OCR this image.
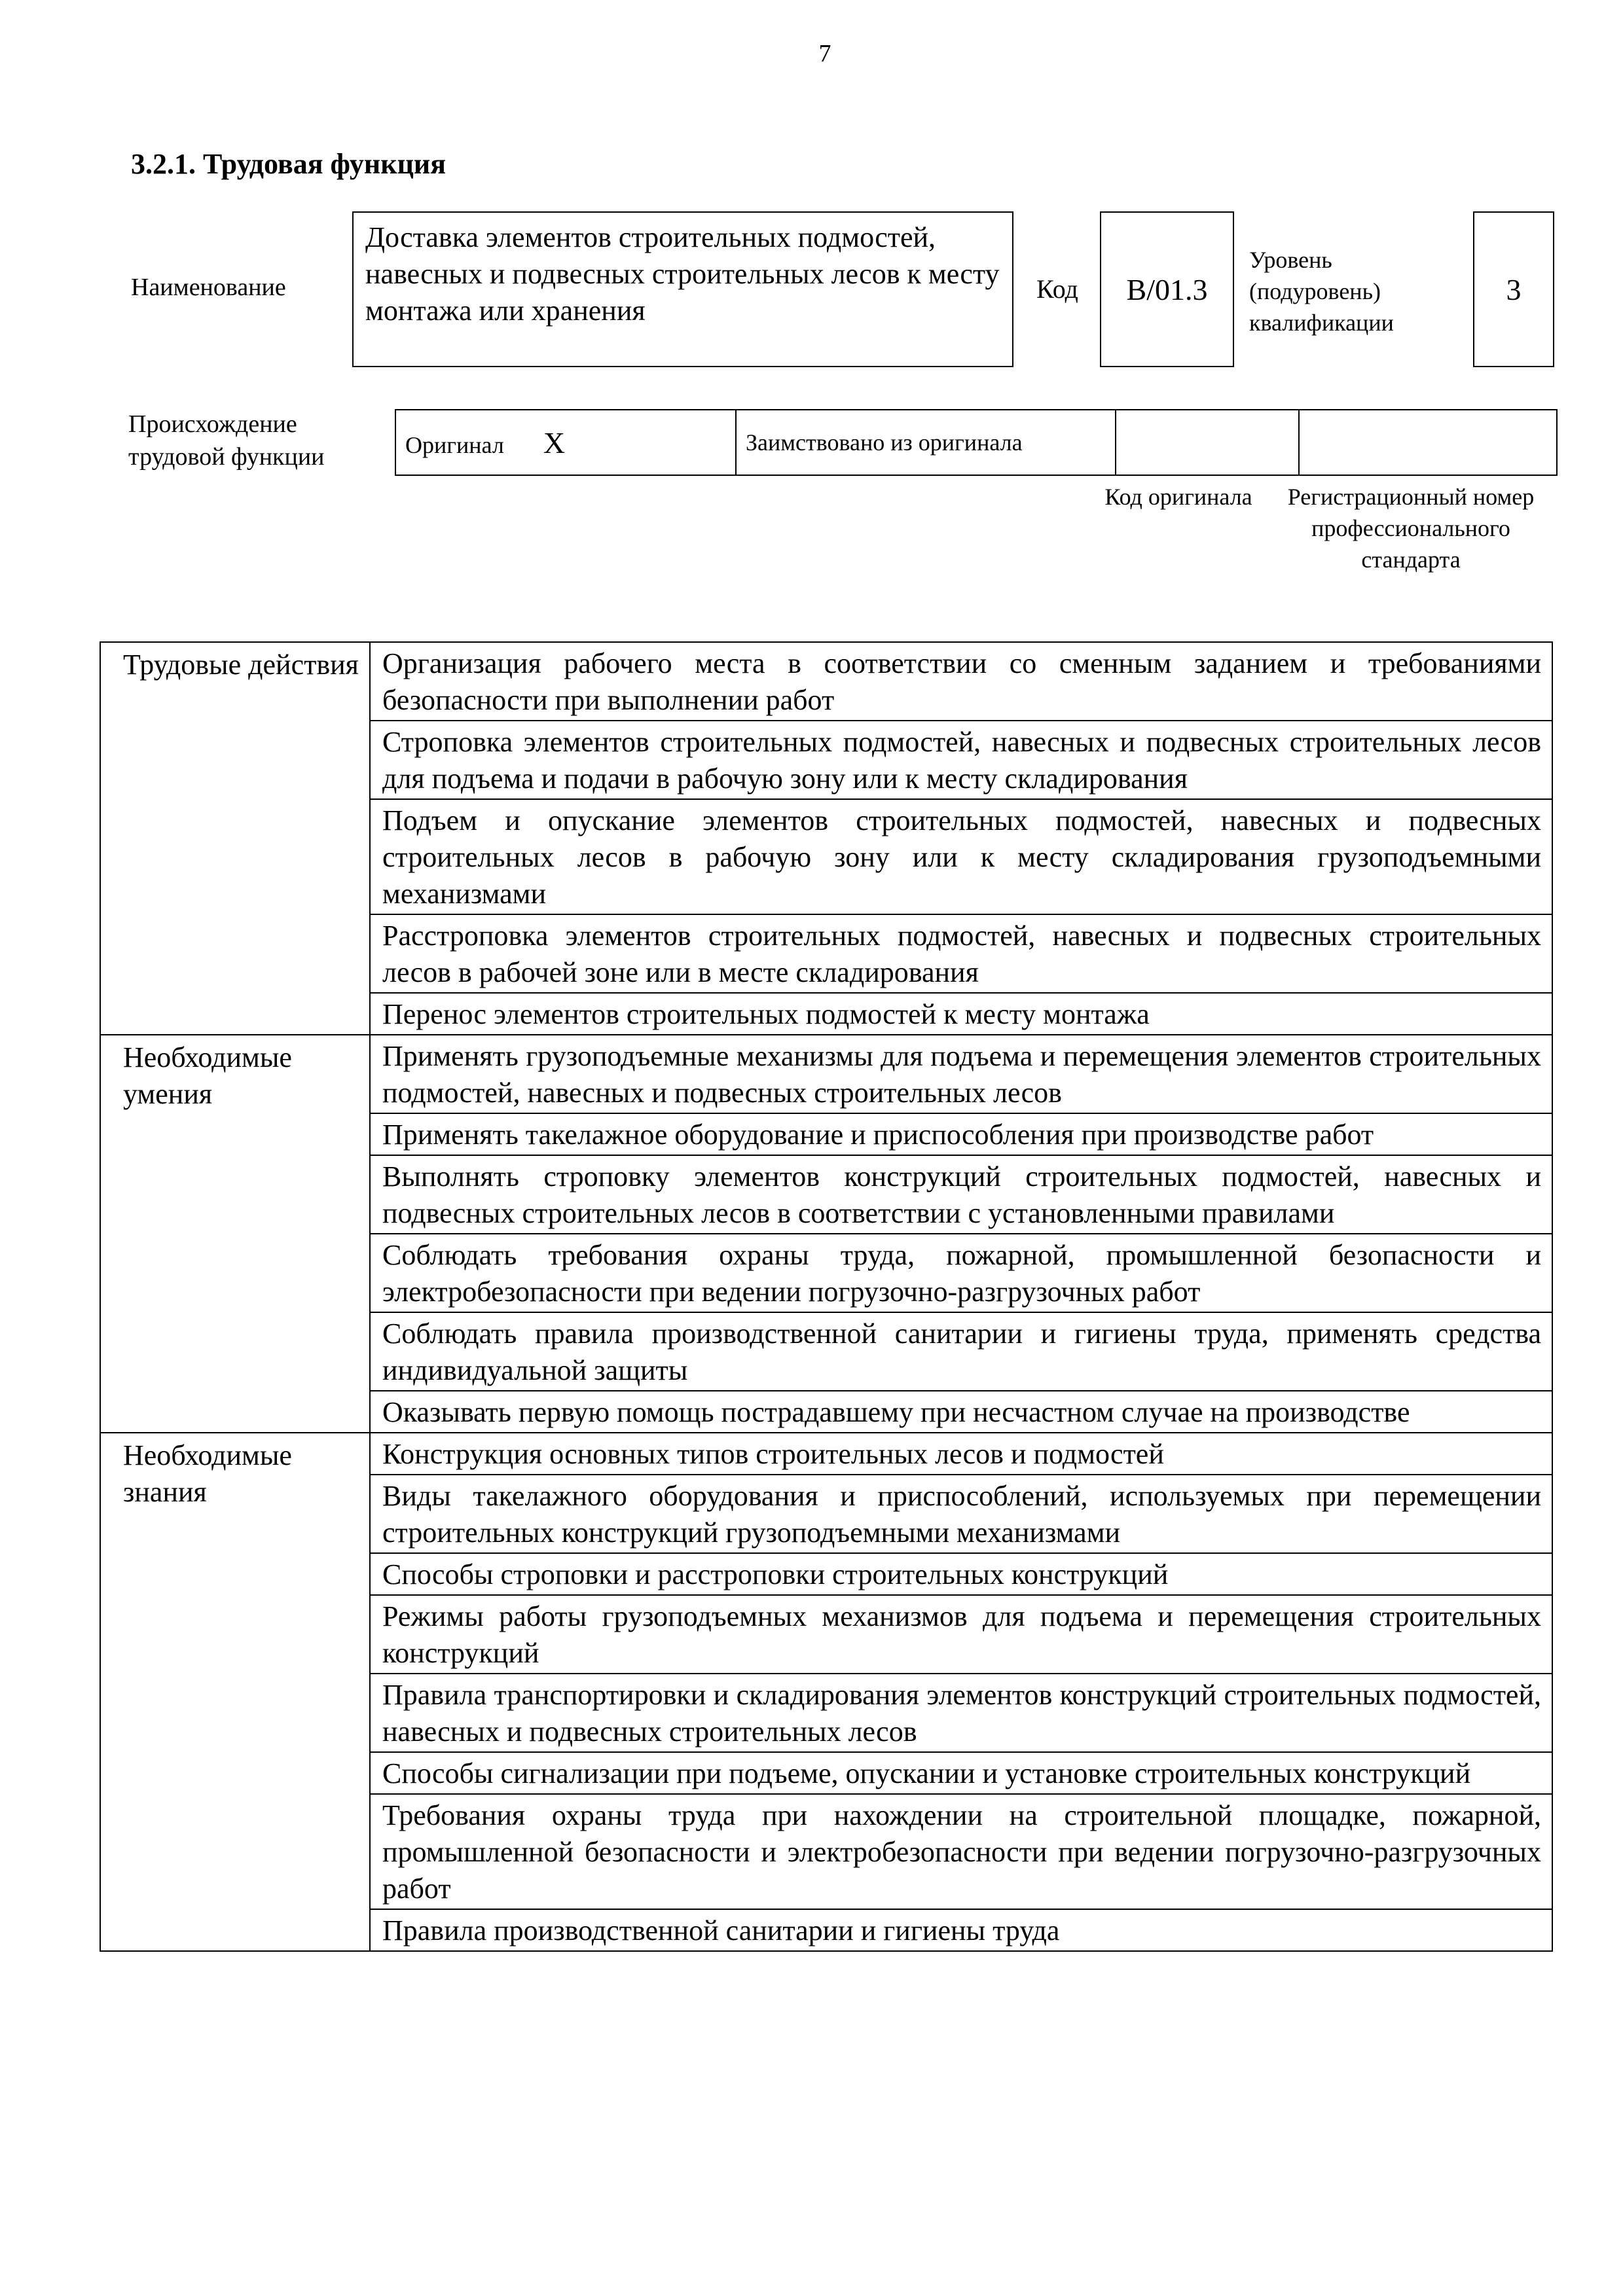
7
3.2.1. Трудовая функция
Наименование
Доставка элементов строительных подмостей, навесных и подвесных строительных лесов к месту монтажа или хранения
Код В/01.3
Уровень (подуровень) квалификации
3
Происхождение трудовой функции	Оригинал X	Заимствовано из оригинала		
Код оригинала	Регистрационный номер профессионального стандарта
Трудовые действия	Организация рабочего места в соответствии со сменным заданием и требованиями безопасности при выполнении работ
	Строповка элементов строительных подмостей, навесных и подвесных строительных лесов для подъема и подачи в рабочую зону или к месту складирования
	Подъем и опускание элементов строительных подмостей, навесных и подвесных строительных лесов в рабочую зону или к месту складирования грузоподъемными механизмами
	Расстроповка элементов строительных подмостей, навесных и подвесных строительных лесов в рабочей зоне или в месте складирования
	Перенос элементов строительных подмостей к месту монтажа
Необходимые умения	Применять грузоподъемные механизмы для подъема и перемещения элементов строительных подмостей, навесных и подвесных строительных лесов
	Применять такелажное оборудование и приспособления при производстве работ
	Выполнять строповку элементов конструкций строительных подмостей, навесных и подвесных строительных лесов в соответствии с установленными правилами
	Соблюдать требования охраны труда, пожарной, промышленной безопасности и электробезопасности при ведении погрузочно-разгрузочных работ
	Соблюдать правила производственной санитарии и гигиены труда, применять средства индивидуальной защиты
	Оказывать первую помощь пострадавшему при несчастном случае на производстве
Необходимые знания	Конструкция основных типов строительных лесов и подмостей
	Виды такелажного оборудования и приспособлений, используемых при перемещении строительных конструкций грузоподъемными механизмами
	Способы строповки и расстроповки строительных конструкций
	Режимы работы грузоподъемных механизмов для подъема и перемещения строительных конструкций
	Правила транспортировки и складирования элементов конструкций строительных подмостей, навесных и подвесных строительных лесов
	Способы сигнализации при подъеме, опускании и установке строительных конструкций
	Требования охраны труда при нахождении на строительной площадке, пожарной, промышленной безопасности и электробезопасности при ведении погрузочно-разгрузочных работ
	Правила производственной санитарии и гигиены труда
